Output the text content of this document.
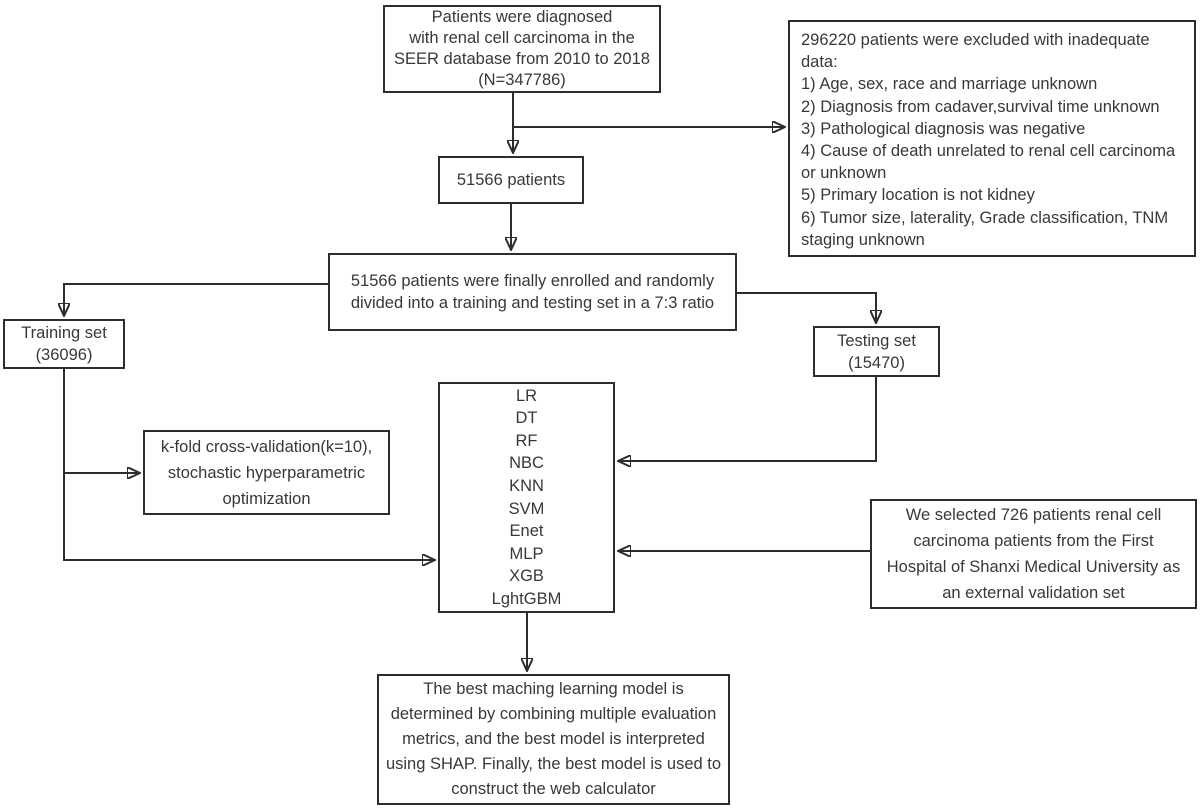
Patients were diagnosed
with renal cell carcinoma in the
SEER database from 2010 to 2018
(N=347786)
296220 patients were excluded with inadequate data:
1) Age, sex, race and marriage unknown
2) Diagnosis from cadaver,survival time unknown
3) Pathological diagnosis was negative
4) Cause of death unrelated to renal cell carcinoma or unknown
5) Primary location is not kidney
6) Tumor size, laterality, Grade classification, TNM staging unknown
51566 patients
51566 patients were finally enrolled and randomly
divided into a training and testing set in a 7:3 ratio
Training set
(36096)
Testing set
(15470)
k-fold cross-validation(k=10),
stochastic hyperparametric
optimization
LR
DT
RF
NBC
KNN
SVM
Enet
MLP
XGB
LghtGBM
We selected 726 patients renal cell
carcinoma patients from the First
Hospital of Shanxi Medical University as
an external validation set
The best maching learning model is
determined by combining multiple evaluation
metrics, and the best model is interpreted
using SHAP. Finally, the best model is used to
construct the web calculator
